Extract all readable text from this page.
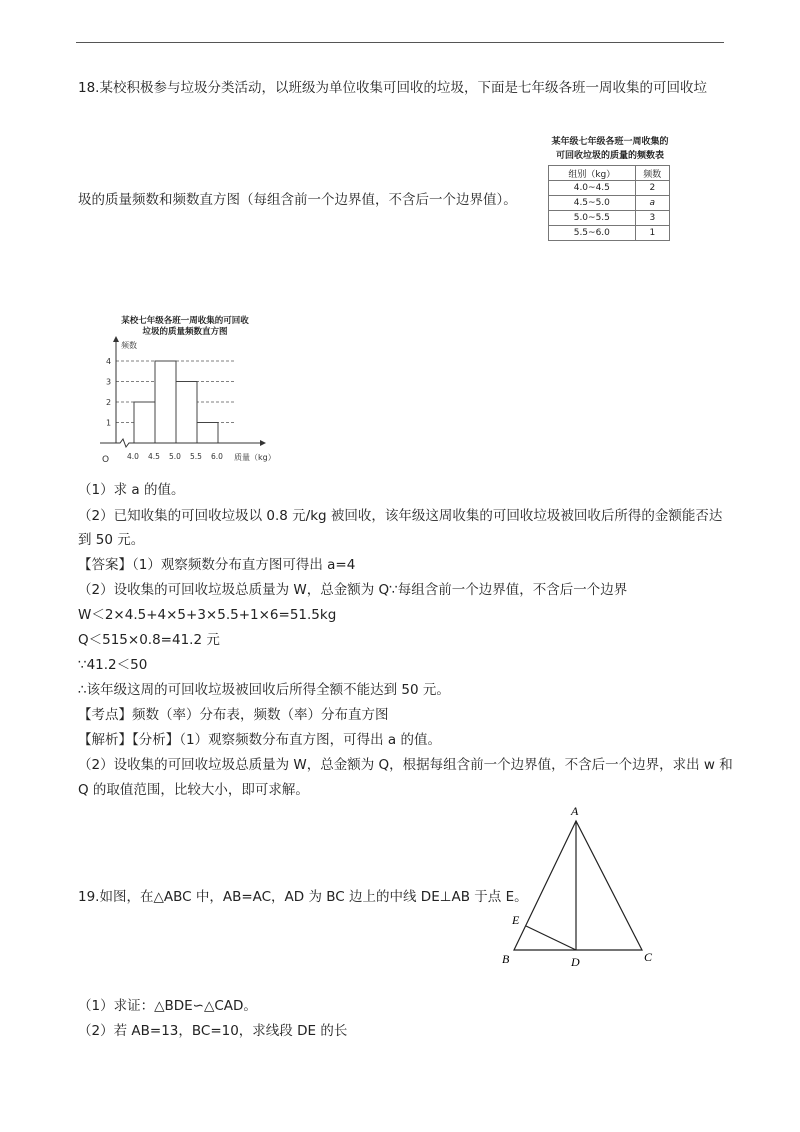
18.某校积极参与垃圾分类活动，以班级为单位收集可回收的垃圾，下面是七年级各班一周收集的可回收垃
某年级七年级各班一周收集的
可回收垃圾的质量的频数表
组别（kg）	频数
4.0~4.5	2
4.5~5.0	a
5.0~5.5	3
5.5~6.0	1
圾的质量频数和频数直方图（每组含前一个边界值，不含后一个边界值）。
某校七年级各班一周收集的可回收
垃圾的质量频数直方图
频数
质量（kg）
O
1
2
3
4
4.0 4.5 5.0 5.5 6.0
（1）求 a 的值。
（2）已知收集的可回收垃圾以 0.8 元/kg 被回收，该年级这周收集的可回收垃圾被回收后所得的金额能否达
到 50 元。
【答案】（1）观察频数分布直方图可得出 a=4
（2）设收集的可回收垃圾总质量为 W，总金额为 Q∵每组含前一个边界值，不含后一个边界
W＜2×4.5+4×5+3×5.5+1×6=51.5kg
Q＜515×0.8=41.2 元
∵41.2＜50
∴该年级这周的可回收垃圾被回收后所得全额不能达到 50 元。
【考点】频数（率）分布表，频数（率）分布直方图
【解析】【分析】（1）观察频数分布直方图，可得出 a 的值。
（2）设收集的可回收垃圾总质量为 W，总金额为 Q，根据每组含前一个边界值，不含后一个边界，求出 w 和
Q 的取值范围，比较大小，即可求解。
19.如图，在△ABC 中，AB=AC，AD 为 BC 边上的中线 DE⊥AB 于点 E。
A
B	C
D
E
（1）求证：△BDE∽△CAD。
（2）若 AB=13，BC=10，求线段 DE 的长
